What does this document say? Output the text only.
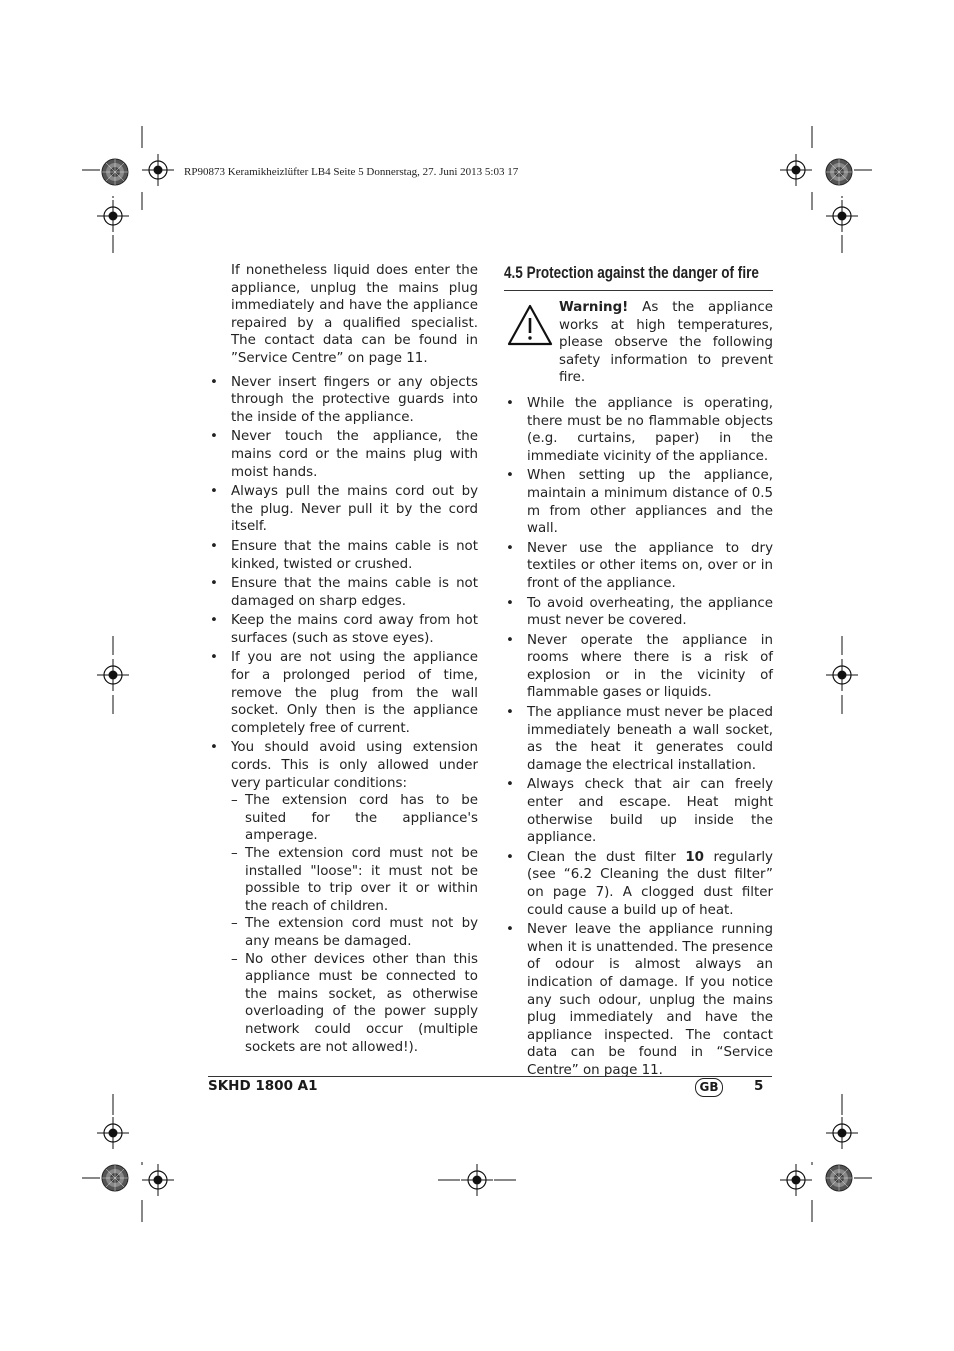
RP90873 Keramikheizlüfter LB4 Seite 5 Donnerstag, 27. Juni 2013 5:03 17
If nonetheless liquid does enter the appliance, unplug the mains plug immediately and have the appliance repaired by a qualified specialist. The contact data can be found in ”Service Centre” on page 11.
• Never insert fingers or any objects through the protective guards into the inside of the appliance.
• Never touch the appliance, the mains cord or the mains plug with moist hands.
• Always pull the mains cord out by the plug. Never pull it by the cord itself.
• Ensure that the mains cable is not kinked, twisted or crushed.
• Ensure that the mains cable is not damaged on sharp edges.
• Keep the mains cord away from hot surfaces (such as stove eyes).
• If you are not using the appliance for a prolonged period of time, remove the plug from the wall socket. Only then is the appliance completely free of current.
• You should avoid using extension cords. This is only allowed under very particular conditions:
– The extension cord has to be suited for the appliance's amperage.
– The extension cord must not be installed "loose": it must not be possible to trip over it or within the reach of children.
– The extension cord must not by any means be damaged.
– No other devices other than this appliance must be connected to the mains socket, as otherwise overloading of the power supply network could occur (multiple sockets are not allowed!).
4.5 Protection against the danger of fire
Warning! As the appliance works at high temperatures, please observe the following safety information to prevent fire.
• While the appliance is operating, there must be no flammable objects (e.g. curtains, paper) in the immediate vicinity of the appliance.
• When setting up the appliance, maintain a minimum distance of 0.5 m from other appliances and the wall.
• Never use the appliance to dry textiles or other items on, over or in front of the appliance.
• To avoid overheating, the appliance must never be covered.
• Never operate the appliance in rooms where there is a risk of explosion or in the vicinity of flammable gases or liquids.
• The appliance must never be placed immediately beneath a wall socket, as the heat it generates could damage the electrical installation.
• Always check that air can freely enter and escape. Heat might otherwise build up inside the appliance.
• Clean the dust filter 10 regularly (see “6.2 Cleaning the dust filter” on page 7). A clogged dust filter could cause a build up of heat.
• Never leave the appliance running when it is unattended. The presence of odour is almost always an indication of damage. If you notice any such odour, unplug the mains plug immediately and have the appliance inspected. The contact data can be found in “Service Centre” on page 11.
SKHD 1800 A1	GB	5
